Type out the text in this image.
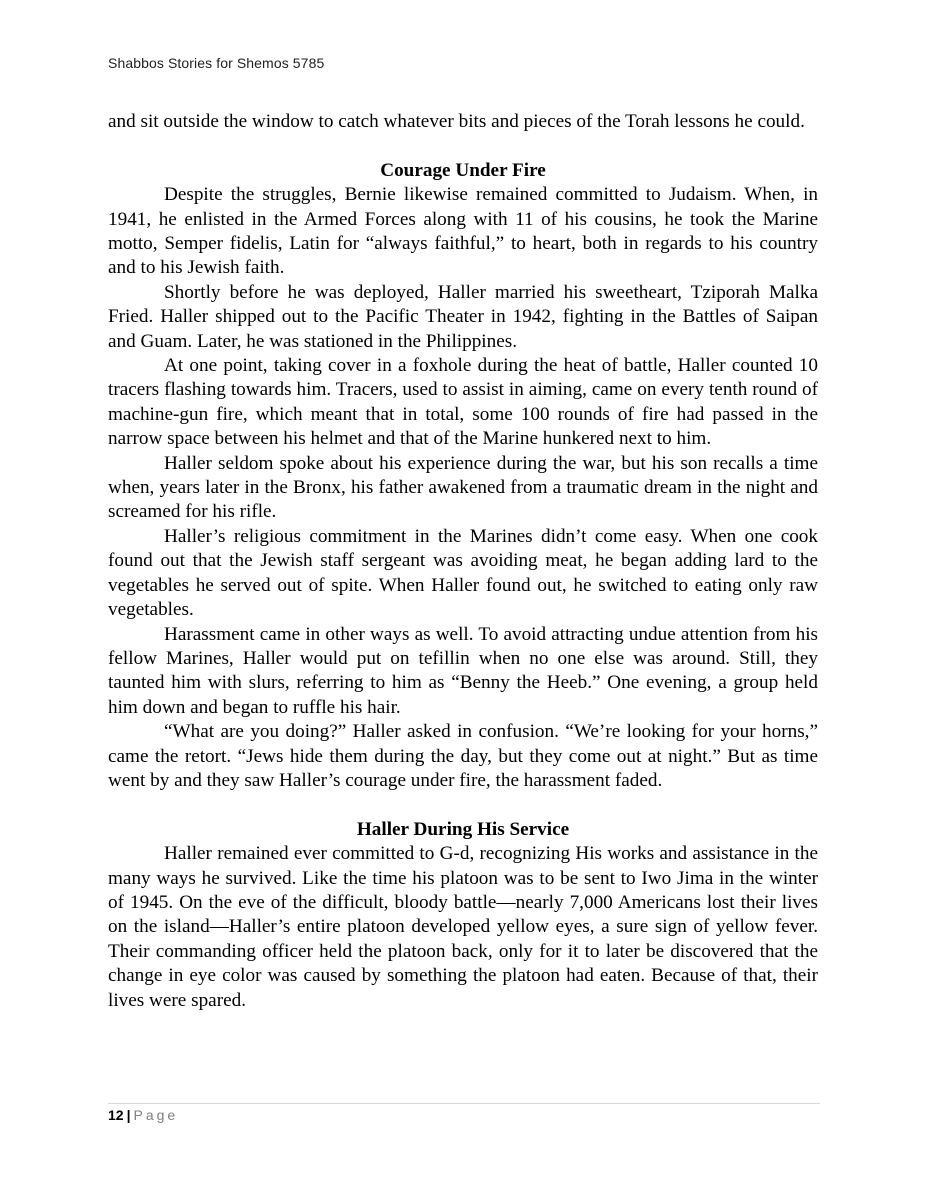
Shabbos Stories for Shemos 5785

and sit outside the window to catch whatever bits and pieces of the Torah lessons he could.

Courage Under Fire

Despite the struggles, Bernie likewise remained committed to Judaism. When, in 1941, he enlisted in the Armed Forces along with 11 of his cousins, he took the Marine motto, Semper fidelis, Latin for “always faithful,” to heart, both in regards to his country and to his Jewish faith.

Shortly before he was deployed, Haller married his sweetheart, Tziporah Malka Fried. Haller shipped out to the Pacific Theater in 1942, fighting in the Battles of Saipan and Guam. Later, he was stationed in the Philippines.

At one point, taking cover in a foxhole during the heat of battle, Haller counted 10 tracers flashing towards him. Tracers, used to assist in aiming, came on every tenth round of machine-gun fire, which meant that in total, some 100 rounds of fire had passed in the narrow space between his helmet and that of the Marine hunkered next to him.

Haller seldom spoke about his experience during the war, but his son recalls a time when, years later in the Bronx, his father awakened from a traumatic dream in the night and screamed for his rifle.

Haller’s religious commitment in the Marines didn’t come easy. When one cook found out that the Jewish staff sergeant was avoiding meat, he began adding lard to the vegetables he served out of spite. When Haller found out, he switched to eating only raw vegetables.

Harassment came in other ways as well. To avoid attracting undue attention from his fellow Marines, Haller would put on tefillin when no one else was around. Still, they taunted him with slurs, referring to him as “Benny the Heeb.” One evening, a group held him down and began to ruffle his hair.

“What are you doing?” Haller asked in confusion. “We’re looking for your horns,” came the retort. “Jews hide them during the day, but they come out at night.” But as time went by and they saw Haller’s courage under fire, the harassment faded.

Haller During His Service

Haller remained ever committed to G-d, recognizing His works and assistance in the many ways he survived. Like the time his platoon was to be sent to Iwo Jima in the winter of 1945. On the eve of the difficult, bloody battle—nearly 7,000 Americans lost their lives on the island—Haller’s entire platoon developed yellow eyes, a sure sign of yellow fever. Their commanding officer held the platoon back, only for it to later be discovered that the change in eye color was caused by something the platoon had eaten. Because of that, their lives were spared.

12 | Page
